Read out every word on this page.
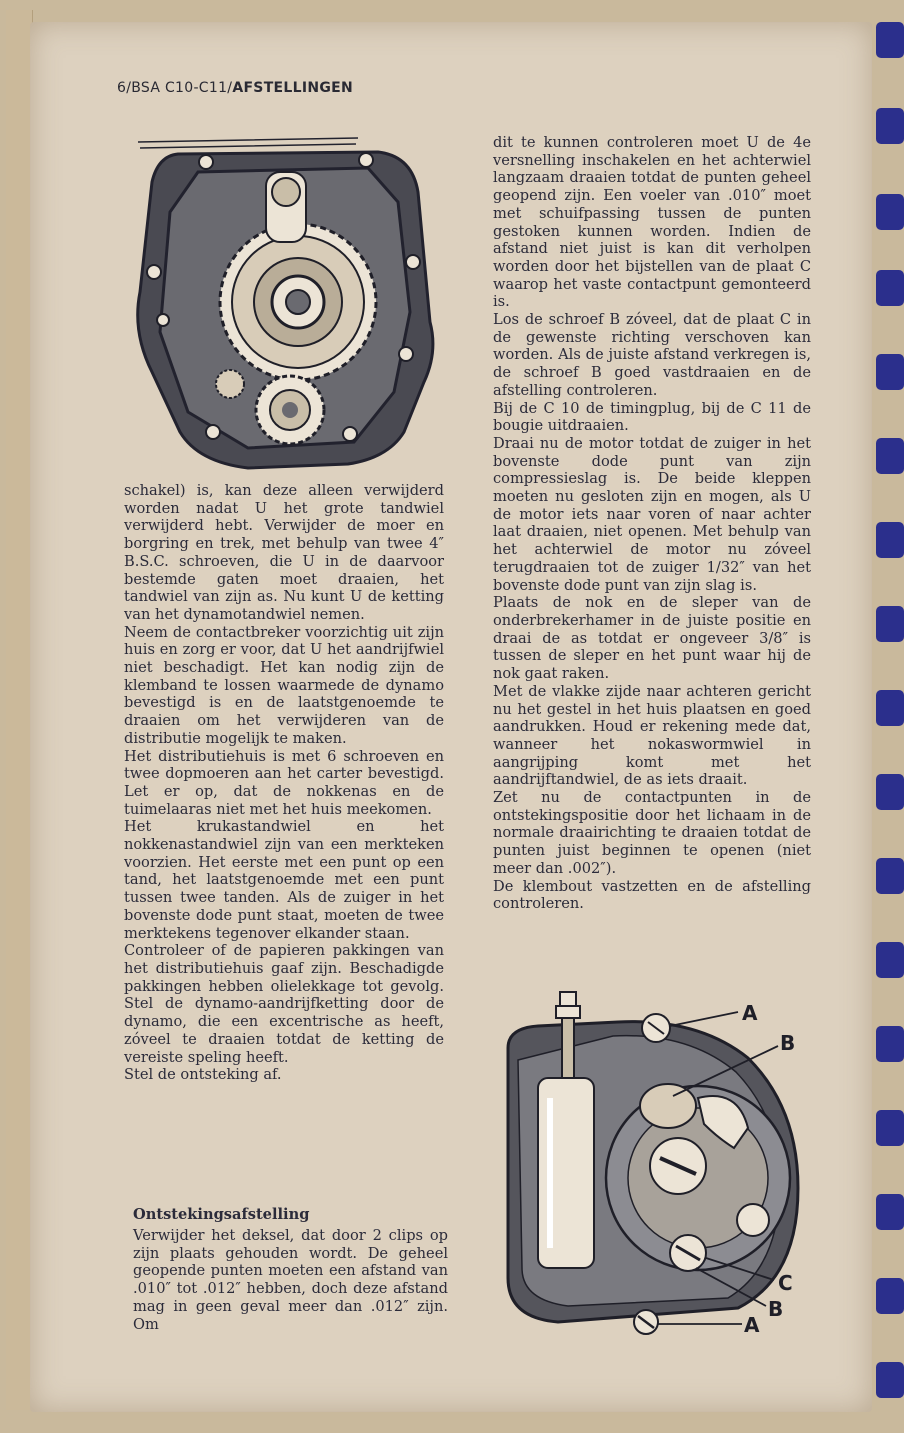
6/BSA C10-C11/AFSTELLINGEN

schakel) is, kan deze alleen verwijderd worden nadat U het grote tandwiel verwijderd hebt. Verwijder de moer en borgring en trek, met behulp van twee 4″ B.S.C. schroeven, die U in de daarvoor bestemde gaten moet draaien, het tandwiel van zijn as. Nu kunt U de ketting van het dynamotandwiel nemen.

Neem de contactbreker voorzichtig uit zijn huis en zorg er voor, dat U het aandrijfwiel niet beschadigt. Het kan nodig zijn de klemband te lossen waarmede de dynamo bevestigd is en de laatstgenoemde te draaien om het verwijderen van de distributie mogelijk te maken.

Het distributiehuis is met 6 schroeven en twee dopmoeren aan het carter bevestigd. Let er op, dat de nokkenas en de tuimelaaras niet met het huis meekomen.

Het krukastandwiel en het nokkenastandwiel zijn van een merkteken voorzien. Het eerste met een punt op een tand, het laatstgenoemde met een punt tussen twee tanden. Als de zuiger in het bovenste dode punt staat, moeten de twee merktekens tegenover elkander staan.

Controleer of de papieren pakkingen van het distributiehuis gaaf zijn. Beschadigde pakkingen hebben olielekkage tot gevolg. Stel de dynamo-aandrijfketting door de dynamo, die een excentrische as heeft, zóveel te draaien totdat de ketting de vereiste speling heeft.

Stel de ontsteking af.

Ontstekingsafstelling

Verwijder het deksel, dat door 2 clips op zijn plaats gehouden wordt. De geheel geopende punten moeten een afstand van .010″ tot .012″ hebben, doch deze afstand mag in geen geval meer dan .012″ zijn. Om

dit te kunnen controleren moet U de 4e versnelling inschakelen en het achterwiel langzaam draaien totdat de punten geheel geopend zijn. Een voeler van .010″ moet met schuifpassing tussen de punten gestoken kunnen worden. Indien de afstand niet juist is kan dit verholpen worden door het bijstellen van de plaat C waarop het vaste contactpunt gemonteerd is.

Los de schroef B zóveel, dat de plaat C in de gewenste richting verschoven kan worden. Als de juiste afstand verkregen is, de schroef B goed vastdraaien en de afstelling controleren.

Bij de C 10 de timingplug, bij de C 11 de bougie uitdraaien.

Draai nu de motor totdat de zuiger in het bovenste dode punt van zijn compressieslag is. De beide kleppen moeten nu gesloten zijn en mogen, als U de motor iets naar voren of naar achter laat draaien, niet openen. Met behulp van het achterwiel de motor nu zóveel terugdraaien tot de zuiger 1/32″ van het bovenste dode punt van zijn slag is.

Plaats de nok en de sleper van de onderbrekerhamer in de juiste positie en draai de as totdat er ongeveer 3/8″ is tussen de sleper en het punt waar hij de nok gaat raken.

Met de vlakke zijde naar achteren gericht nu het gestel in het huis plaatsen en goed aandrukken. Houd er rekening mede dat, wanneer het nokaswormwiel in aangrijping komt met het aandrijftandwiel, de as iets draait.

Zet nu de contactpunten in de ontstekingspositie door het lichaam in de normale draairichting te draaien totdat de punten juist beginnen te openen (niet meer dan .002″).

De klembout vastzetten en de afstelling controleren.

A
B
C
B
A
